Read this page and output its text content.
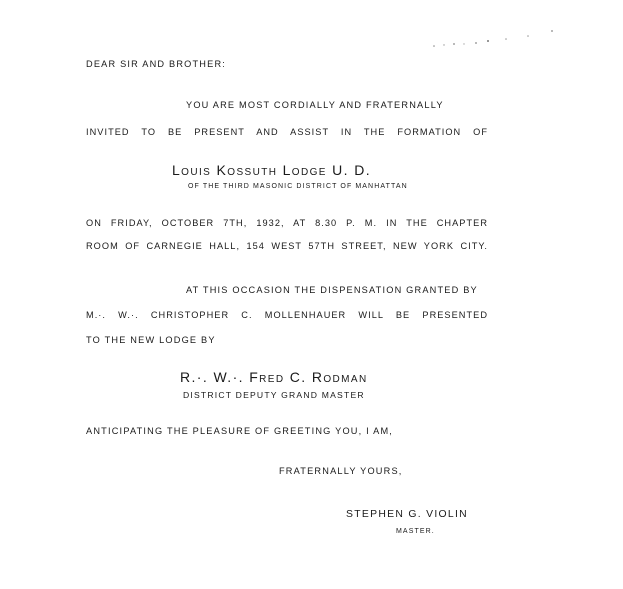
DEAR SIR AND BROTHER:

YOU ARE MOST CORDIALLY AND FRATERNALLY

INVITED TO BE PRESENT AND ASSIST IN THE FORMATION OF

Louis Kossuth Lodge U. D.

OF THE THIRD MASONIC DISTRICT OF MANHATTAN

ON FRIDAY, OCTOBER 7TH, 1932, AT 8.30 P. M. IN THE CHAPTER

ROOM OF CARNEGIE HALL, 154 WEST 57TH STREET, NEW YORK CITY.

AT THIS OCCASION THE DISPENSATION GRANTED BY

M.·. W.·. CHRISTOPHER C. MOLLENHAUER WILL BE PRESENTED

TO THE NEW LODGE BY

R.·. W.·. Fred C. Rodman

DISTRICT DEPUTY GRAND MASTER

ANTICIPATING THE PLEASURE OF GREETING YOU, I AM,

FRATERNALLY YOURS,

STEPHEN G. VIOLIN

MASTER.
